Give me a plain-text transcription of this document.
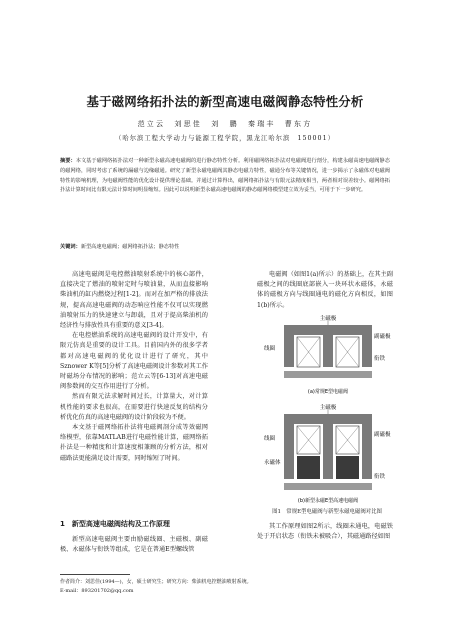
基于磁网络拓扑法的新型高速电磁阀静态特性分析
范立云　刘思佳　刘　鹏　秦瑞丰　曹东方
（哈尔滨工程大学动力与能源工程学院，黑龙江哈尔滨　150001）

摘要：本文基于磁网络拓扑法对一种新型永磁高速电磁阀的进行静态特性分析。利用磁网络拓扑法对电磁阀进行剖分，构建永磁高速电磁阀静态的磁网络，同时考虑了系统的漏磁与边缘磁通。研究了新型永磁电磁阀其静态电磁力特性，磁通分布等关键情况，进一步揭示了永磁体对电磁阀特性的影响机理，为电磁阀性能的优化设计提供理论基础。并通过计算得出，磁网络拓扑法与有限元法精度相当，两者相对误差较小。磁网络拓扑法计算时间比有限元法计算时间明显缩短。因此可以说明新型永磁高速电磁阀的静态磁网络模型建立效为妥当，可用于下一步研究。

关键词：新型高速电磁阀；磁网络拓扑法；静态特性

高速电磁阀是电控燃油喷射系统中的核心部件，直接决定了燃油的喷射定时与喷油量，从而直接影响柴油机的缸内燃烧过程[1-2]。而对在加严格的排放法规，提高高速电磁阀的动态响应性能不仅可以实现燃油喷射压力的快速建立与卸载，且对于提高柴油机的经济性与排放性具有重要的意义[3-4]。

在电控燃油系统的高速电磁阀的设计开发中，有限元仿真是重要的设计工具。目前国内外的很多学者都对高速电磁阀的优化设计进行了研究，其中Sznower K等[5]分析了高速电磁阀设计参数对其工作时磁场分布情况的影响；范立云等[6-13]对高速电磁阀参数间的交互作用进行了分析。

然而有限元法求解时间过长，计算量大，对计算机性能的要求也很高，在需要进行快速反复的结构分析优化仿真的高速电磁阀的设计阶段较为不便。

本文基于磁网络拓扑法将电磁阀剖分成等效磁网络模型，依靠MATLAB进行电磁性能计算，磁网络拓扑法是一种精度和计算速度相兼顾的分析方法，相对磁路法更能满足设计需要，同时缩短了时间。

1　新型高速电磁阀结构及工作原理

新型高速电磁阀主要由励磁线圈、主磁极、副磁极、永磁体与衔铁等组成，它是在普通E型螺线管

电磁阀（如图1(a)所示）的基础上，在其主副磁极之间的线圈底部嵌入一块环状永磁体，永磁体的磁极方向与线圈通电的磁化方向相反，如图1(b)所示。

主磁极
副磁极
线圈
衔铁
(a)常规E型电磁阀
主磁极
线圈
副磁极
永磁体
衔铁
(b)新型永磁E型高速电磁阀
图1　常规E型电磁阀与新型永磁电磁阀对比图

其工作原理如图2所示，线圈未通电，电磁铁处于开启状态（衔铁未被吸合），其磁通路径如图

作者简介：刘思佳(1994—)，女，硕士研究生；研究方向：柴油机电控燃油喷射系统。
E-mail：893201702@qq.com
